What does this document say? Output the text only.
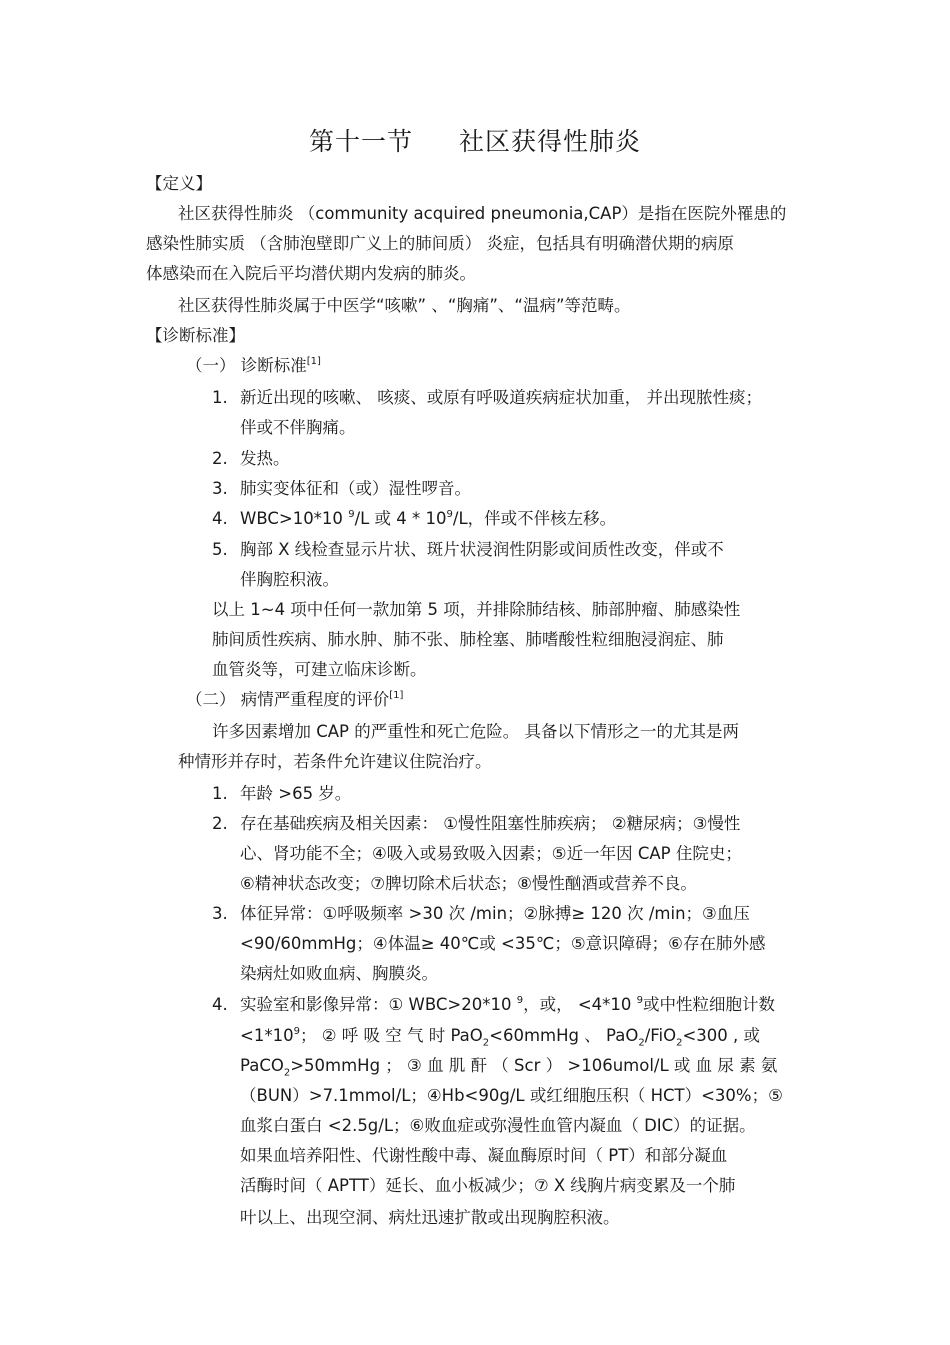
第十一节 社区获得性肺炎
【定义】
社区获得性肺炎 （community acquired pneumonia,CAP）是指在医院外罹患的
感染性肺实质 （含肺泡壁即广义上的肺间质） 炎症，包括具有明确潜伏期的病原
体感染而在入院后平均潜伏期内发病的肺炎。
社区获得性肺炎属于中医学“咳嗽” 、“胸痛”、“温病”等范畴。
【诊断标准】
（一） 诊断标准[1]
1. 新近出现的咳嗽、 咳痰、或原有呼吸道疾病症状加重， 并出现脓性痰；
伴或不伴胸痛。
2. 发热。
3. 肺实变体征和（或）湿性啰音。
4. WBC>10*10 $^9$/L 或 $4 * 10^9/L$，伴或不伴核左移。
5. 胸部 X 线检查显示片状、斑片状浸润性阴影或间质性改变，伴或不
伴胸腔积液。
以上 1~4 项中任何一款加第 5 项，并排除肺结核、肺部肿瘤、肺感染性
肺间质性疾病、肺水肿、肺不张、肺栓塞、肺嗜酸性粒细胞浸润症、肺
血管炎等，可建立临床诊断。
（二） 病情严重程度的评价[1]
许多因素增加 CAP 的严重性和死亡危险。 具备以下情形之一的尤其是两
种情形并存时，若条件允许建议住院治疗。
1. 年龄 >65 岁。
2. 存在基础疾病及相关因素： ①慢性阻塞性肺疾病； ②糖尿病；③慢性
心、肾功能不全；④吸入或易致吸入因素；⑤近一年因 CAP 住院史；
⑥精神状态改变；⑦脾切除术后状态；⑧慢性酗酒或营养不良。
3. 体征异常：①呼吸频率 >30 次 /min；②脉搏≥ 120 次 /min；③血压
<90/60mmHg；④体温≥ 40℃或 <35℃；⑤意识障碍；⑥存在肺外感
染病灶如败血病、胸膜炎。
4. 实验室和影像异常：① WBC>20*10 $^9$，或， <4*10 $^9$或中性粒细胞计数
$<1*10^9$； ② 呼 吸 空 气 时 PaO$_2$<60mmHg 、 PaO$_2$/FiO$_2$<300 , 或
PaCO$_2$>50mmHg ； ③ 血 肌 酐 （ Scr ） >106umol/L 或 血 尿 素 氨
（BUN）>7.1mmol/L；④Hb<90g/L 或红细胞压积（ HCT）<30%；⑤
血浆白蛋白 <2.5g/L；⑥败血症或弥漫性血管内凝血（ DIC）的证据。
如果血培养阳性、代谢性酸中毒、凝血酶原时间（ PT）和部分凝血
活酶时间（ APTT）延长、血小板减少；⑦ X 线胸片病变累及一个肺
叶以上、出现空洞、病灶迅速扩散或出现胸腔积液。
